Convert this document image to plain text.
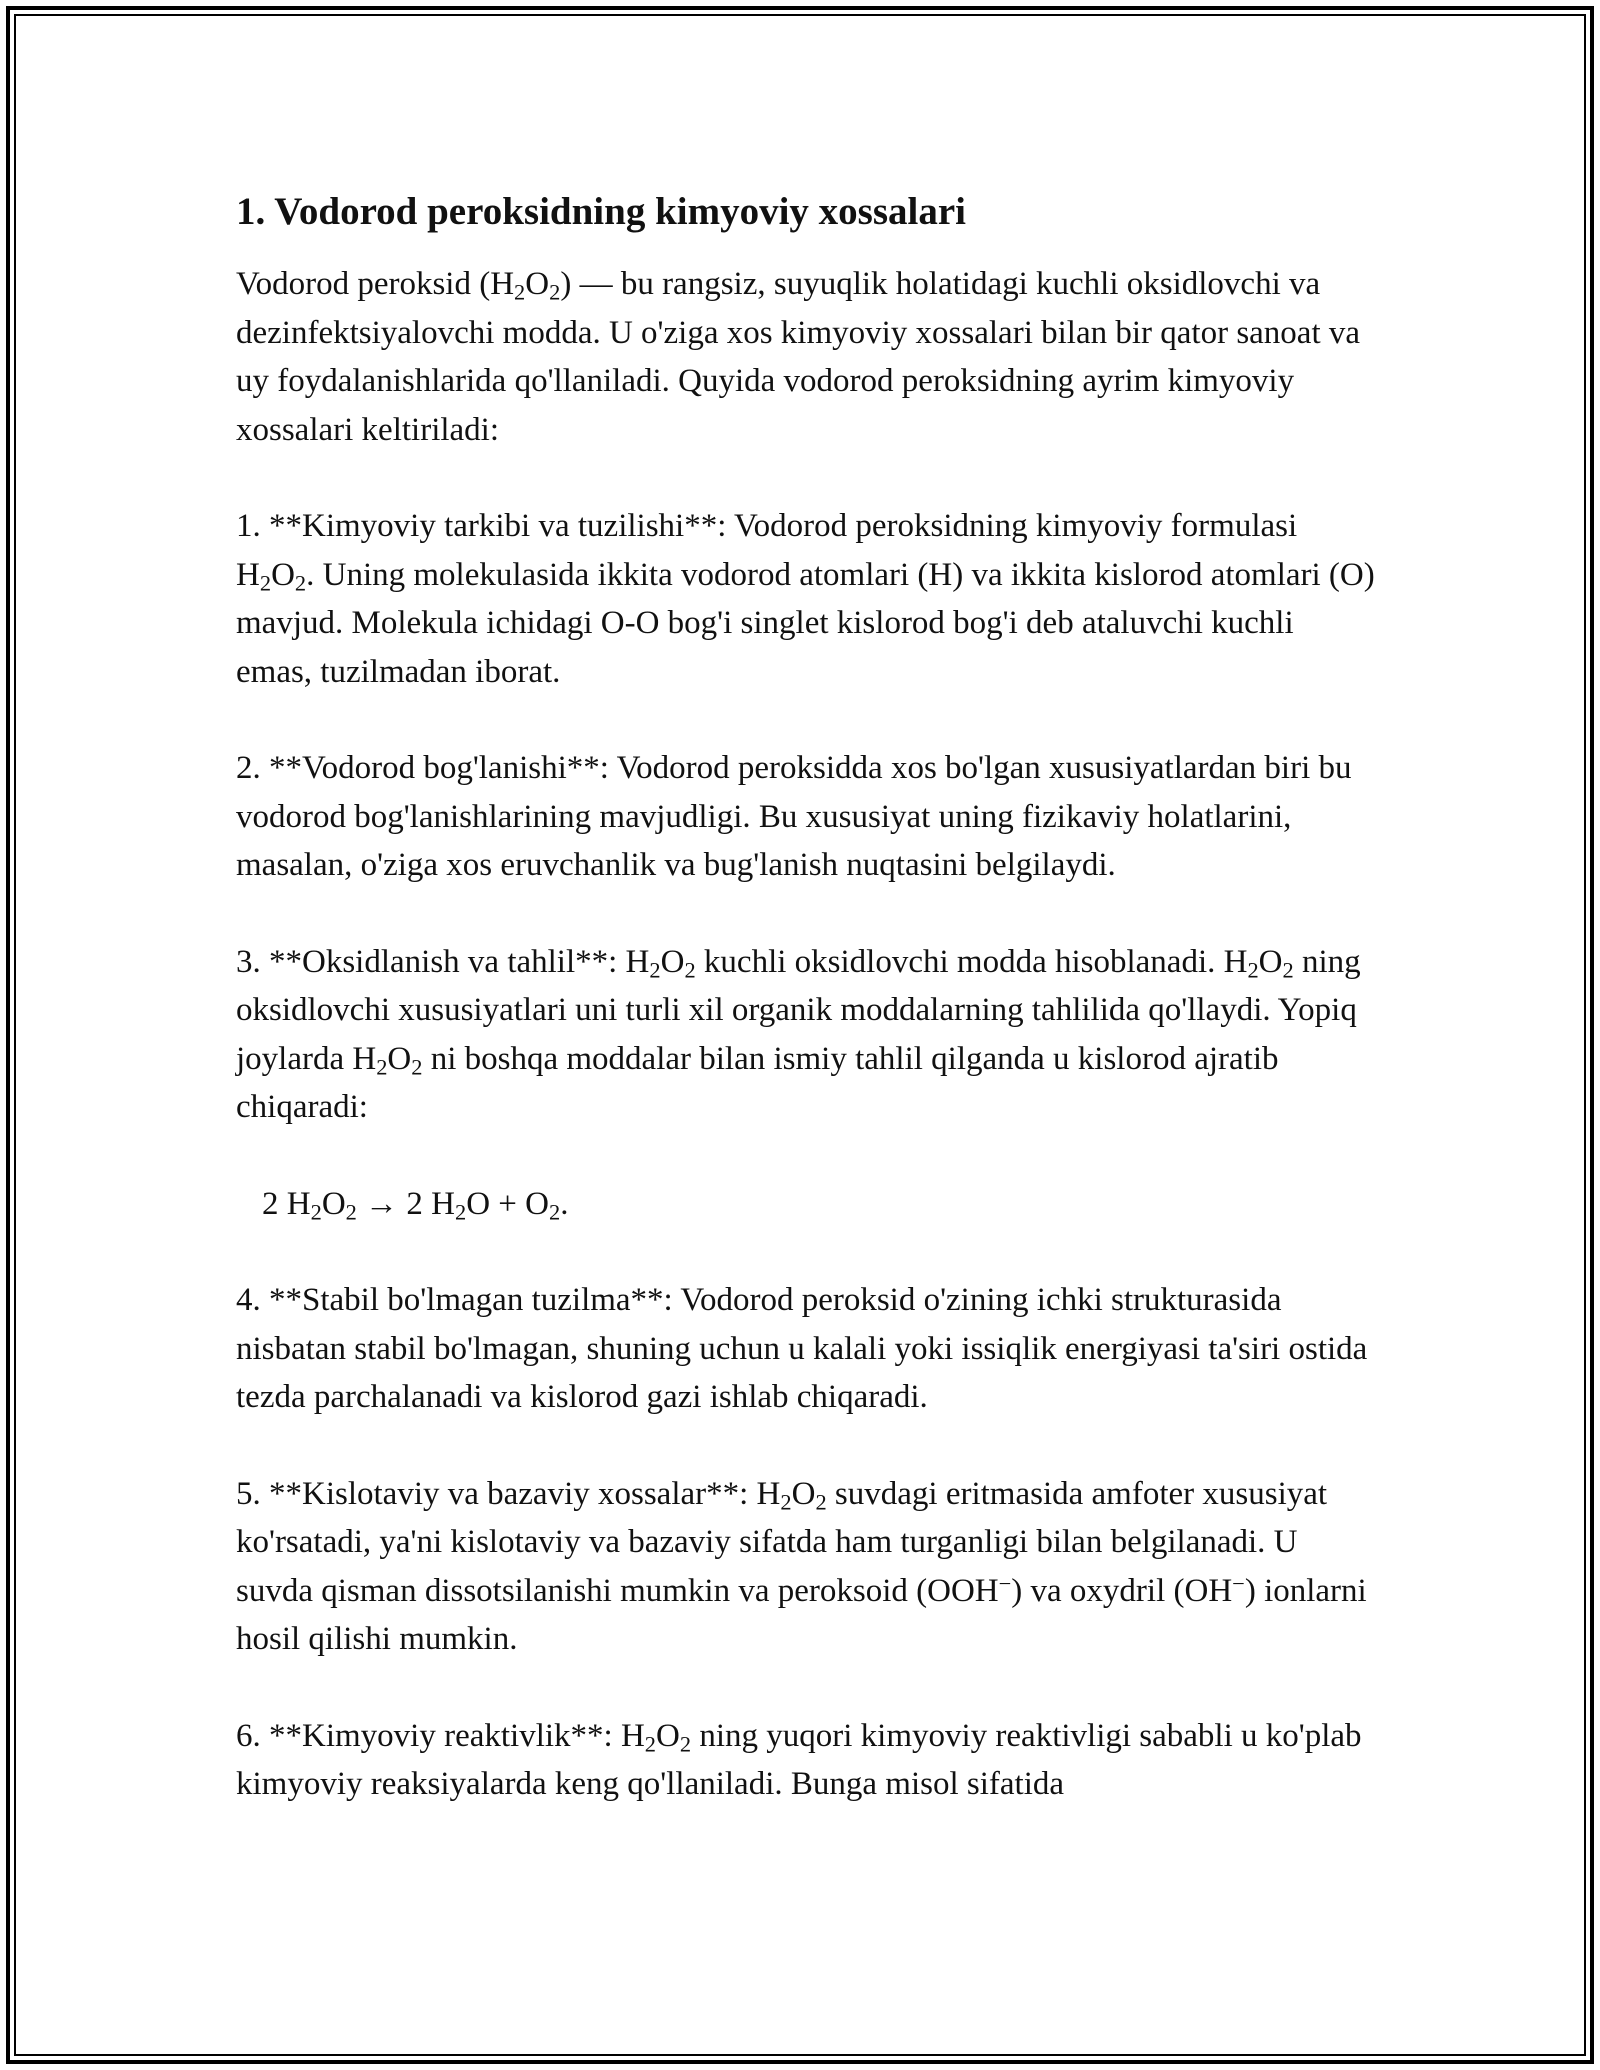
1. Vodorod peroksidning kimyoviy xossalari

Vodorod peroksid $(H_2O_2)$ — bu rangsiz, suyuqlik holatidagi kuchli oksidlovchi va dezinfektsiyalovchi modda. U o'ziga xos kimyoviy xossalari bilan bir qator sanoat va uy foydalanishlarida qo'llaniladi. Quyida vodorod peroksidning ayrim kimyoviy xossalari keltiriladi:

1. **Kimyoviy tarkibi va tuzilishi**: Vodorod peroksidning kimyoviy formulasi $H_2O_2$. Uning molekulasida ikkita vodorod atomlari (H) va ikkita kislorod atomlari (O) mavjud. Molekula ichidagi O-O bog'i singlet kislorod bog'i deb ataluvchi kuchli emas, tuzilmadan iborat.

2. **Vodorod bog'lanishi**: Vodorod peroksidda xos bo'lgan xususiyatlardan biri bu vodorod bog'lanishlarining mavjudligi. Bu xususiyat uning fizikaviy holatlarini, masalan, o'ziga xos eruvchanlik va bug'lanish nuqtasini belgilaydi.

3. **Oksidlanish va tahlil**: $H_2O_2$ kuchli oksidlovchi modda hisoblanadi. $H_2O_2$ ning oksidlovchi xususiyatlari uni turli xil organik moddalarning tahlilida qo'llaydi. Yopiq joylarda $H_2O_2$ ni boshqa moddalar bilan ismiy tahlil qilganda u kislorod ajratib chiqaradi:

2 $H_2O_2 \to 2$ $H_2O + O_2$.

4. **Stabil bo'lmagan tuzilma**: Vodorod peroksid o'zining ichki strukturasida nisbatan stabil bo'lmagan, shuning uchun u kalali yoki issiqlik energiyasi ta'siri ostida tezda parchalanadi va kislorod gazi ishlab chiqaradi.

5. **Kislotaviy va bazaviy xossalar**: $H_2O_2$ suvdagi eritmasida amfoter xususiyat ko'rsatadi, ya'ni kislotaviy va bazaviy sifatda ham turganligi bilan belgilanadi. U suvda qisman dissotsilanishi mumkin va peroksoid (OOH−) va oxydril (OH−) ionlarni hosil qilishi mumkin.

6. **Kimyoviy reaktivlik**: $H_2O_2$ ning yuqori kimyoviy reaktivligi sababli u ko'plab kimyoviy reaksiyalarda keng qo'llaniladi. Bunga misol sifatida
